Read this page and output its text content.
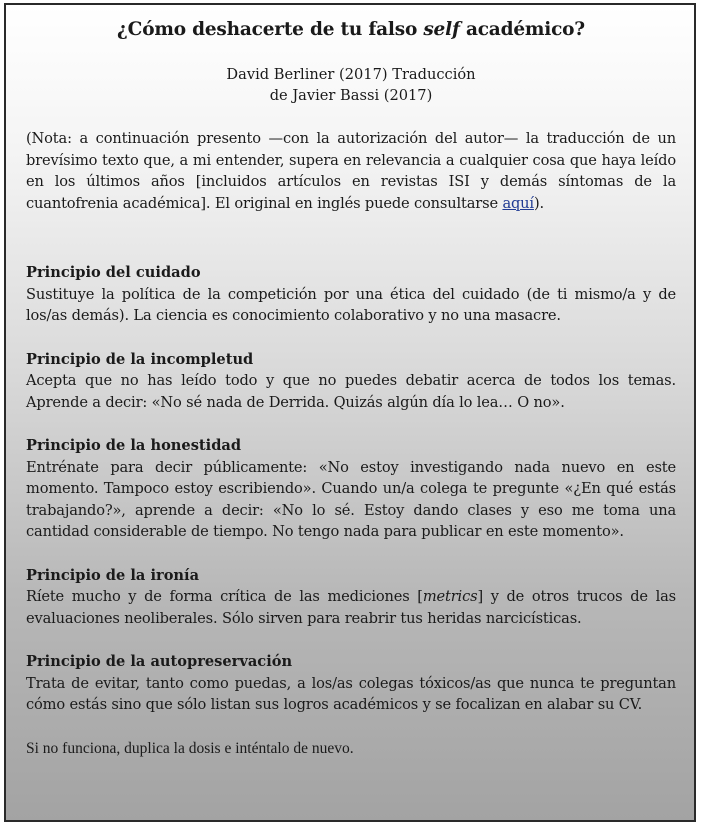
¿Cómo deshacerte de tu falso self académico?
David Berliner (2017) Traducción
de Javier Bassi (2017)

(Nota: a continuación presento —con la autorización del autor— la traducción de un brevísimo texto que, a mi entender, supera en relevancia a cualquier cosa que haya leído en los últimos años [incluidos artículos en revistas ISI y demás síntomas de la cuantofrenia académica]. El original en inglés puede consultarse aquí).

Principio del cuidado

Sustituye la política de la competición por una ética del cuidado (de ti mismo/a y de los/as demás). La ciencia es conocimiento colaborativo y no una masacre.

Principio de la incompletud

Acepta que no has leído todo y que no puedes debatir acerca de todos los temas. Aprende a decir: «No sé nada de Derrida. Quizás algún día lo lea… O no».

Principio de la honestidad

Entrénate para decir públicamente: «No estoy investigando nada nuevo en este momento. Tampoco estoy escribiendo». Cuando un/a colega te pregunte «¿En qué estás trabajando?», aprende a decir: «No lo sé. Estoy dando clases y eso me toma una cantidad considerable de tiempo. No tengo nada para publicar en este momento».

Principio de la ironía

Ríete mucho y de forma crítica de las mediciones [metrics] y de otros trucos de las evaluaciones neoliberales. Sólo sirven para reabrir tus heridas narcicísticas.

Principio de la autopreservación

Trata de evitar, tanto como puedas, a los/as colegas tóxicos/as que nunca te preguntan cómo estás sino que sólo listan sus logros académicos y se focalizan en alabar su CV.

Si no funciona, duplica la dosis e inténtalo de nuevo.
